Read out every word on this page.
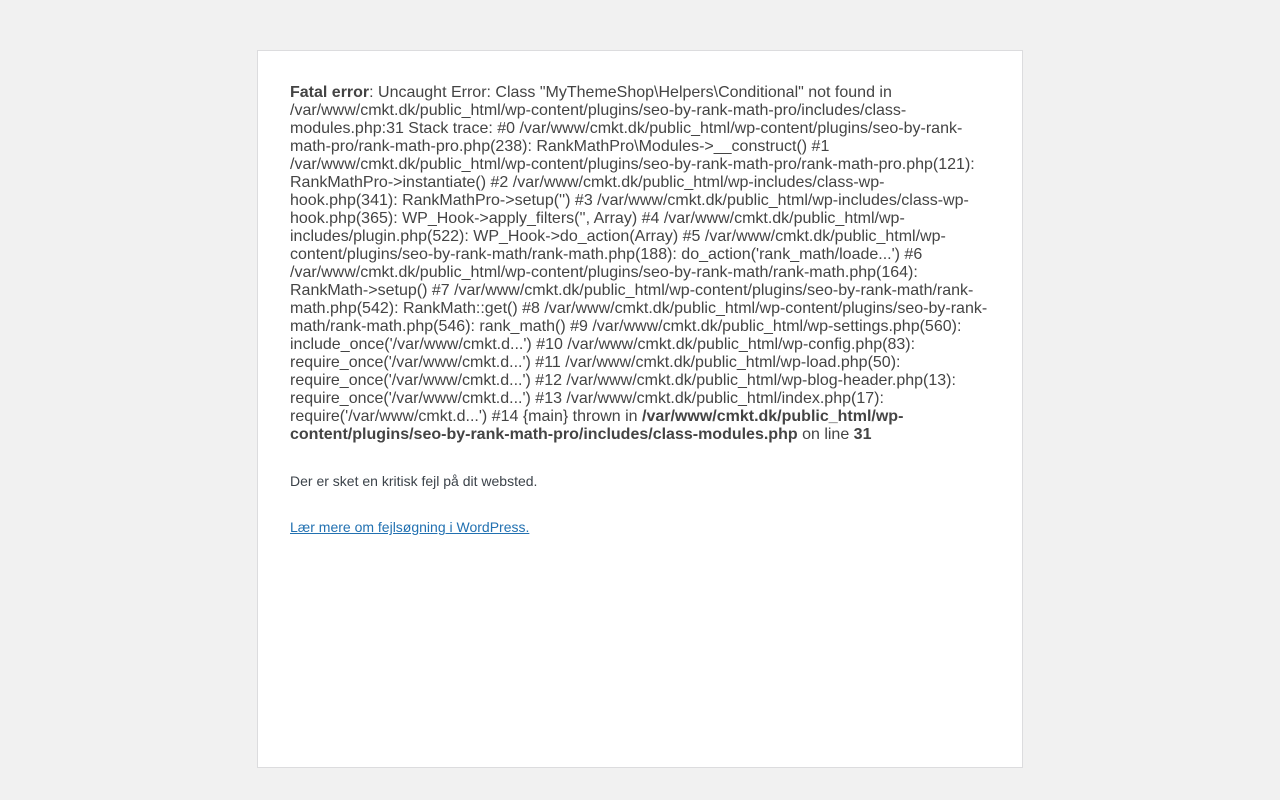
Fatal error: Uncaught Error: Class "MyThemeShop\Helpers\Conditional" not found in /var/www/cmkt.dk/public_html/wp-content/plugins/seo-by-rank-math-pro/includes/class-modules.php:31 Stack trace: #0 /var/www/cmkt.dk/public_html/wp-content/plugins/seo-by-rank-math-pro/rank-math-pro.php(238): RankMathPro\Modules->__construct() #1 /var/www/cmkt.dk/public_html/wp-content/plugins/seo-by-rank-math-pro/rank-math-pro.php(121): RankMathPro->instantiate() #2 /var/www/cmkt.dk/public_html/wp-includes/class-wp-hook.php(341): RankMathPro->setup('') #3 /var/www/cmkt.dk/public_html/wp-includes/class-wp-hook.php(365): WP_Hook->apply_filters('', Array) #4 /var/www/cmkt.dk/public_html/wp-includes/plugin.php(522): WP_Hook->do_action(Array) #5 /var/www/cmkt.dk/public_html/wp-content/plugins/seo-by-rank-math/rank-math.php(188): do_action('rank_math/loade...') #6 /var/www/cmkt.dk/public_html/wp-content/plugins/seo-by-rank-math/rank-math.php(164): RankMath->setup() #7 /var/www/cmkt.dk/public_html/wp-content/plugins/seo-by-rank-math/rank-math.php(542): RankMath::get() #8 /var/www/cmkt.dk/public_html/wp-content/plugins/seo-by-rank-math/rank-math.php(546): rank_math() #9 /var/www/cmkt.dk/public_html/wp-settings.php(560): include_once('/var/www/cmkt.d...') #10 /var/www/cmkt.dk/public_html/wp-config.php(83): require_once('/var/www/cmkt.d...') #11 /var/www/cmkt.dk/public_html/wp-load.php(50): require_once('/var/www/cmkt.d...') #12 /var/www/cmkt.dk/public_html/wp-blog-header.php(13): require_once('/var/www/cmkt.d...') #13 /var/www/cmkt.dk/public_html/index.php(17): require('/var/www/cmkt.d...') #14 {main} thrown in /var/www/cmkt.dk/public_html/wp-content/plugins/seo-by-rank-math-pro/includes/class-modules.php on line 31

Der er sket en kritisk fejl på dit websted.

Lær mere om fejlsøgning i WordPress.
